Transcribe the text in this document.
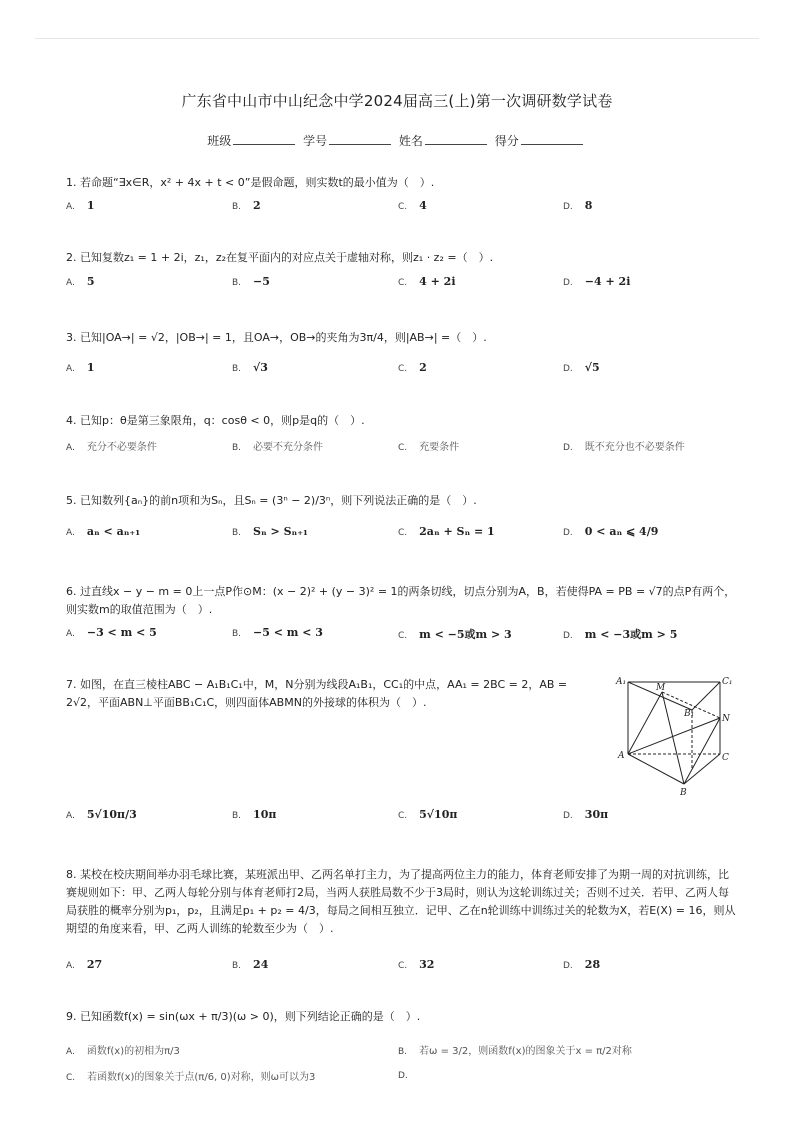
广东省中山市中山纪念中学2024届高三(上)第一次调研数学试卷
班级	学号	姓名	得分
1. 若命题“∃x∈R，x² + 4x + t < 0”是假命题，则实数t的最小值为（　）.
A. 1	B. 2	C. 4	D. 8
2. 已知复数z₁ = 1 + 2i，z₁，z₂在复平面内的对应点关于虚轴对称，则z₁ · z₂ =（　）.
A. 5	B. −5	C. 4 + 2i	D. −4 + 2i
3. 已知|OA→| = √2，|OB→| = 1，且OA→，OB→的夹角为3π/4，则|AB→| =（　）.
A. 1	B. √3	C. 2	D. √5
4. 已知p：θ是第三象限角，q：cosθ < 0，则p是q的（　）.
A. 充分不必要条件	B. 必要不充分条件	C. 充要条件	D. 既不充分也不必要条件
5. 已知数列{aₙ}的前n项和为Sₙ，且Sₙ = (3ⁿ − 2)/3ⁿ，则下列说法正确的是（　）.
A. aₙ < aₙ₊₁	B. Sₙ > Sₙ₊₁	C. 2aₙ + Sₙ = 1	D. 0 < aₙ ⩽ 4/9
6. 过直线x − y − m = 0上一点P作⊙M：(x − 2)² + (y − 3)² = 1的两条切线，切点分别为A，B，若使得PA = PB = √7的点P有两个，则实数m的取值范围为（　）.
A. −3 < m < 5	B. −5 < m < 3	C. m < −5或m > 3	D. m < −3或m > 5
7. 如图，在直三棱柱ABC − A₁B₁C₁中，M，N分别为线段A₁B₁，CC₁的中点，AA₁ = 2BC = 2，AB = 2√2，平面ABN⊥平面BB₁C₁C，则四面体ABMN的外接球的体积为（　）.
A₁
M
C₁
B₁	N
A	C
B
A. 5√10π/3	B. 10π	C. 5√10π	D. 30π
8. 某校在校庆期间举办羽毛球比赛，某班派出甲、乙两名单打主力，为了提高两位主力的能力，体育老师安排了为期一周的对抗训练，比赛规则如下：甲、乙两人每轮分别与体育老师打2局，当两人获胜局数不少于3局时，则认为这轮训练过关；否则不过关．若甲、乙两人每局获胜的概率分别为p₁，p₂，且满足p₁ + p₂ = 4/3，每局之间相互独立．记甲、乙在n轮训练中训练过关的轮数为X，若E(X) = 16，则从期望的角度来看，甲、乙两人训练的轮数至少为（　）.
A. 27	B. 24	C. 32	D. 28
9. 已知函数f(x) = sin(ωx + π/3)(ω > 0)，则下列结论正确的是（　）.
A. 函数f(x)的初相为π/3	B. 若ω = 3/2，则函数f(x)的图象关于x = π/2对称
C. 若函数f(x)的图象关于点(π/6, 0)对称，则ω可以为3	D.
